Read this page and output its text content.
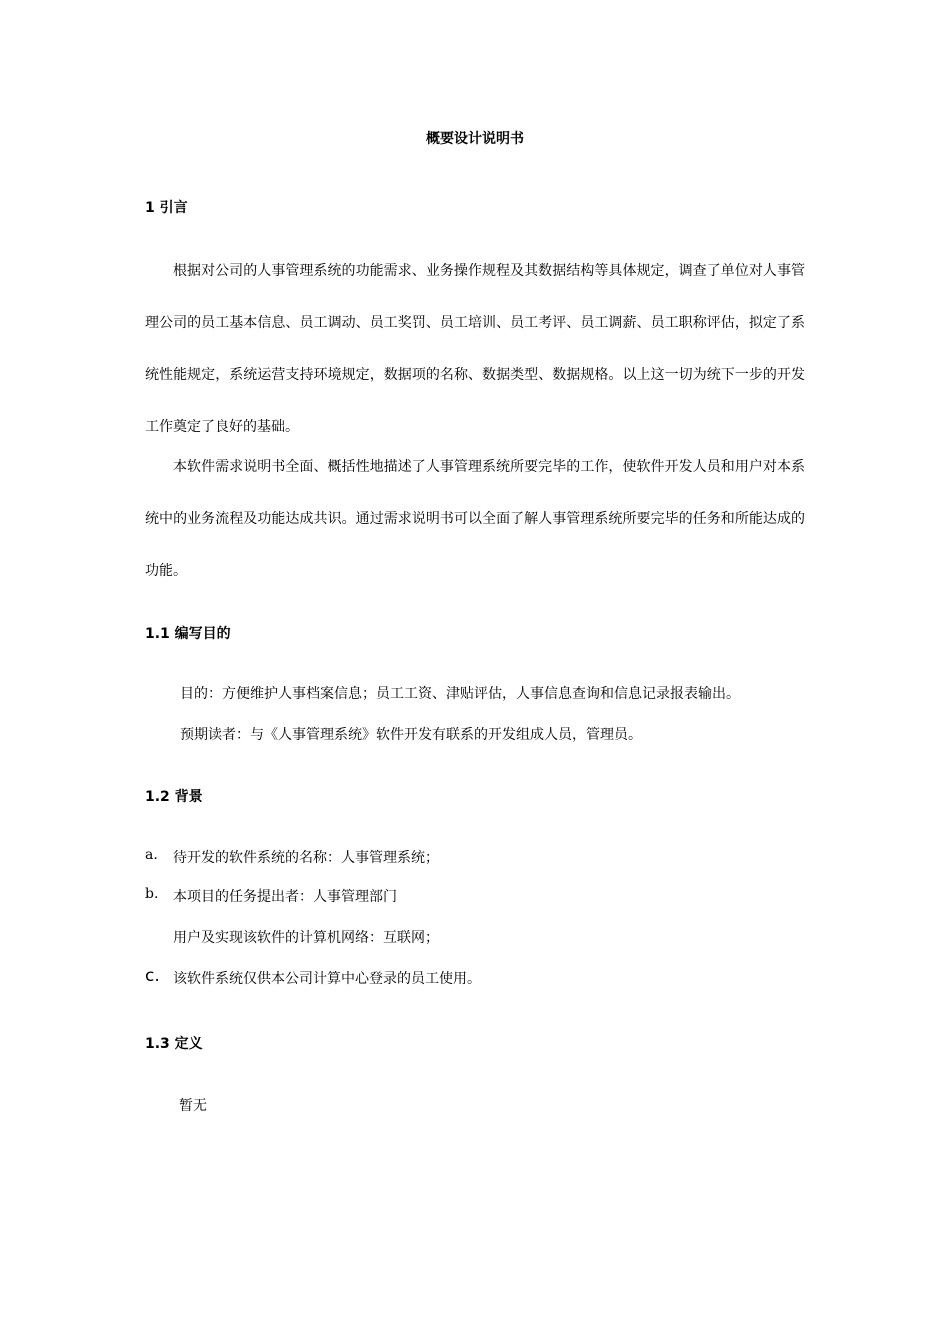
概要设计说明书
1 引言
根据对公司的人事管理系统的功能需求、业务操作规程及其数据结构等具体规定，调查了单位对人事管理公司的员工基本信息、员工调动、员工奖罚、员工培训、员工考评、员工调薪、员工职称评估，拟定了系统性能规定，系统运营支持环境规定，数据项的名称、数据类型、数据规格。以上这一切为统下一步的开发工作奠定了良好的基础。
本软件需求说明书全面、概括性地描述了人事管理系统所要完毕的工作，使软件开发人员和用户对本系统中的业务流程及功能达成共识。通过需求说明书可以全面了解人事管理系统所要完毕的任务和所能达成的功能。
1.1 编写目的
目的：方便维护人事档案信息；员工工资、津贴评估，人事信息查询和信息记录报表输出。
预期读者：与《人事管理系统》软件开发有联系的开发组成人员，管理员。
1.2 背景
a. 待开发的软件系统的名称：人事管理系统；
b. 本项目的任务提出者：人事管理部门
用户及实现该软件的计算机网络：互联网；
c. 该软件系统仅供本公司计算中心登录的员工使用。
1.3 定义
暂无
